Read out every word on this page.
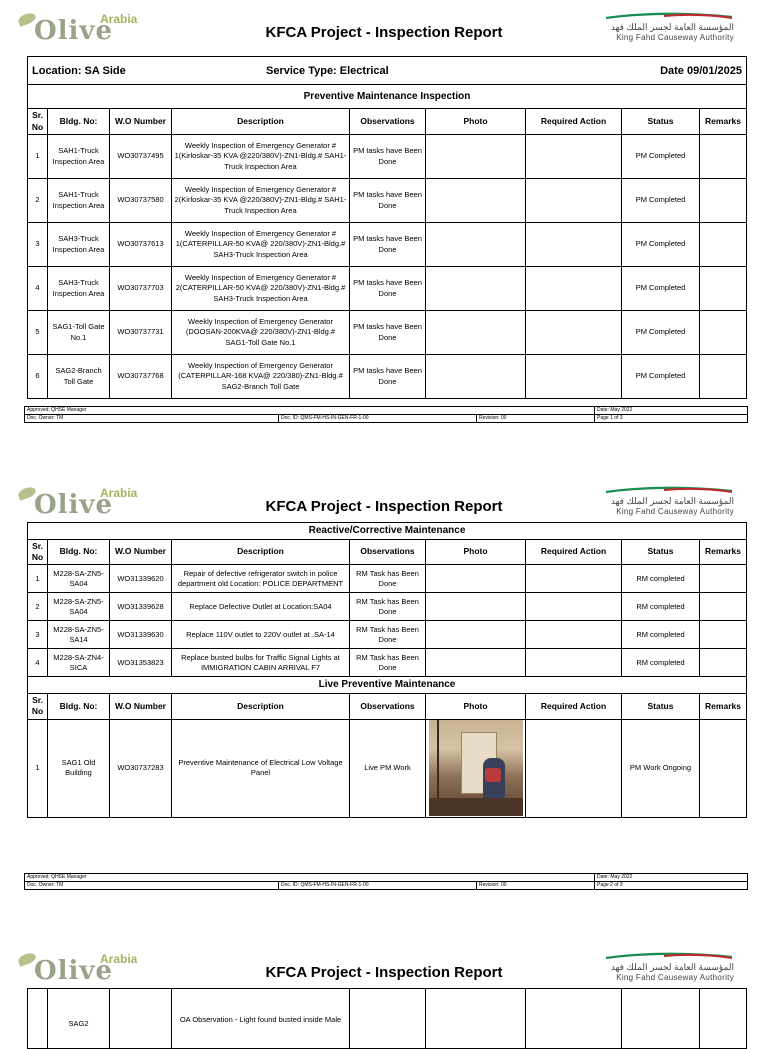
Olive
Arabia
KFCA Project - Inspection Report	المؤسسة العامة لجسر الملك فهد
King Fahd Causeway Authority
Location: SA Side Service Type: Electrical Date 09/01/2025								

Preventive Maintenance Inspection								
Sr. No	Bldg. No:	W.O Number	Description	Observations	Photo	Required Action	Status	Remarks
1	SAH1-Truck Inspection Area	WO30737495	Weekly Inspection of Emergency Generator # 1(Kirloskar-35 KVA @220/380V)-ZN1-Bldg.# SAH1-Truck Inspection Area	PM tasks have Been Done			PM Completed	
2	SAH1-Truck Inspection Area	WO30737580	Weekly Inspection of Emergency Generator # 2(Kirloskar-35 KVA @220/380V)-ZN1-Bldg.# SAH1-Truck Inspection Area	PM tasks have Been Done			PM Completed	
3	SAH3-Truck Inspection Area	WO30737613	Weekly Inspection of Emergency Generator # 1(CATERPILLAR-50 KVA@ 220/380V)-ZN1-Bldg.# SAH3-Truck Inspection Area	PM tasks have Been Done			PM Completed	
4	SAH3-Truck Inspection Area	WO30737703	Weekly Inspection of Emergency Generator # 2(CATERPILLAR-50 KVA@ 220/380V)-ZN1-Bldg.# SAH3-Truck Inspection Area	PM tasks have Been Done			PM Completed	
5	SAG1-Toll Gate No.1	WO30737731	Weekly Inspection of Emergency Generator (DOOSAN-200KVA@ 220/380V)-ZN1-Bldg.# SAG1-Toll Gate No.1	PM tasks have Been Done			PM Completed	
6	SAG2-Branch Toll Gate	WO30737768	Weekly Inspection of Emergency Generator (CATERPILLAR-168 KVA@ 220/380)-ZN1-Bldg.# SAG2-Branch Toll Gate	PM tasks have Been Done			PM Completed	
Approved: QHSE Manager			Date: May 2022
Doc. Owner: TM	Doc. ID: QMS-FM-HS-IN-GEN-FR-1-00	Revision: 00	Page 1 of 3
Olive
Arabia
KFCA Project - Inspection Report	المؤسسة العامة لجسر الملك فهد
King Fahd Causeway Authority
Reactive/Corrective Maintenance								
Sr. No	Bldg. No:	W.O Number	Description	Observations	Photo	Required Action	Status	Remarks
1	M228-SA-ZN5-SA04	WO31339620	Repair of defective refrigerator switch in police department old Location: POLICE DEPARTMENT	RM Task has Been Done			RM completed	
2	M228-SA-ZN5-SA04	WO31339628	Replace Defective Outlet at Location:SA04	RM Task has Been Done			RM completed	
3	M228-SA-ZN5-SA14	WO31339630	Replace 110V outlet to 220V outlet at .SA-14	RM Task has Been Done			RM completed	
4	M228-SA-ZN4-SICA	WO31353823	Replace busted bulbs for Traffic Signal Lights at IMMIGRATION CABIN ARRIVAL F7	RM Task has Been Done			RM completed	
Live Preventive Maintenance								
Sr. No	Bldg. No:	W.O Number	Description	Observations	Photo	Required Action	Status	Remarks
1	SAG1 Old Building	WO30737283	Preventive Maintenance of Electrical Low Voltage Panel	Live PM Work			PM Work Ongoing	
Approved: QHSE Manager			Date: May 2022
Doc. Owner: TM	Doc. ID: QMS-FM-HS-IN-GEN-FR-1-00	Revision: 00	Page 2 of 3
Olive
Arabia
KFCA Project - Inspection Report	المؤسسة العامة لجسر الملك فهد
King Fahd Causeway Authority
	SAG2		OA Observation - Light found busted inside Male					
